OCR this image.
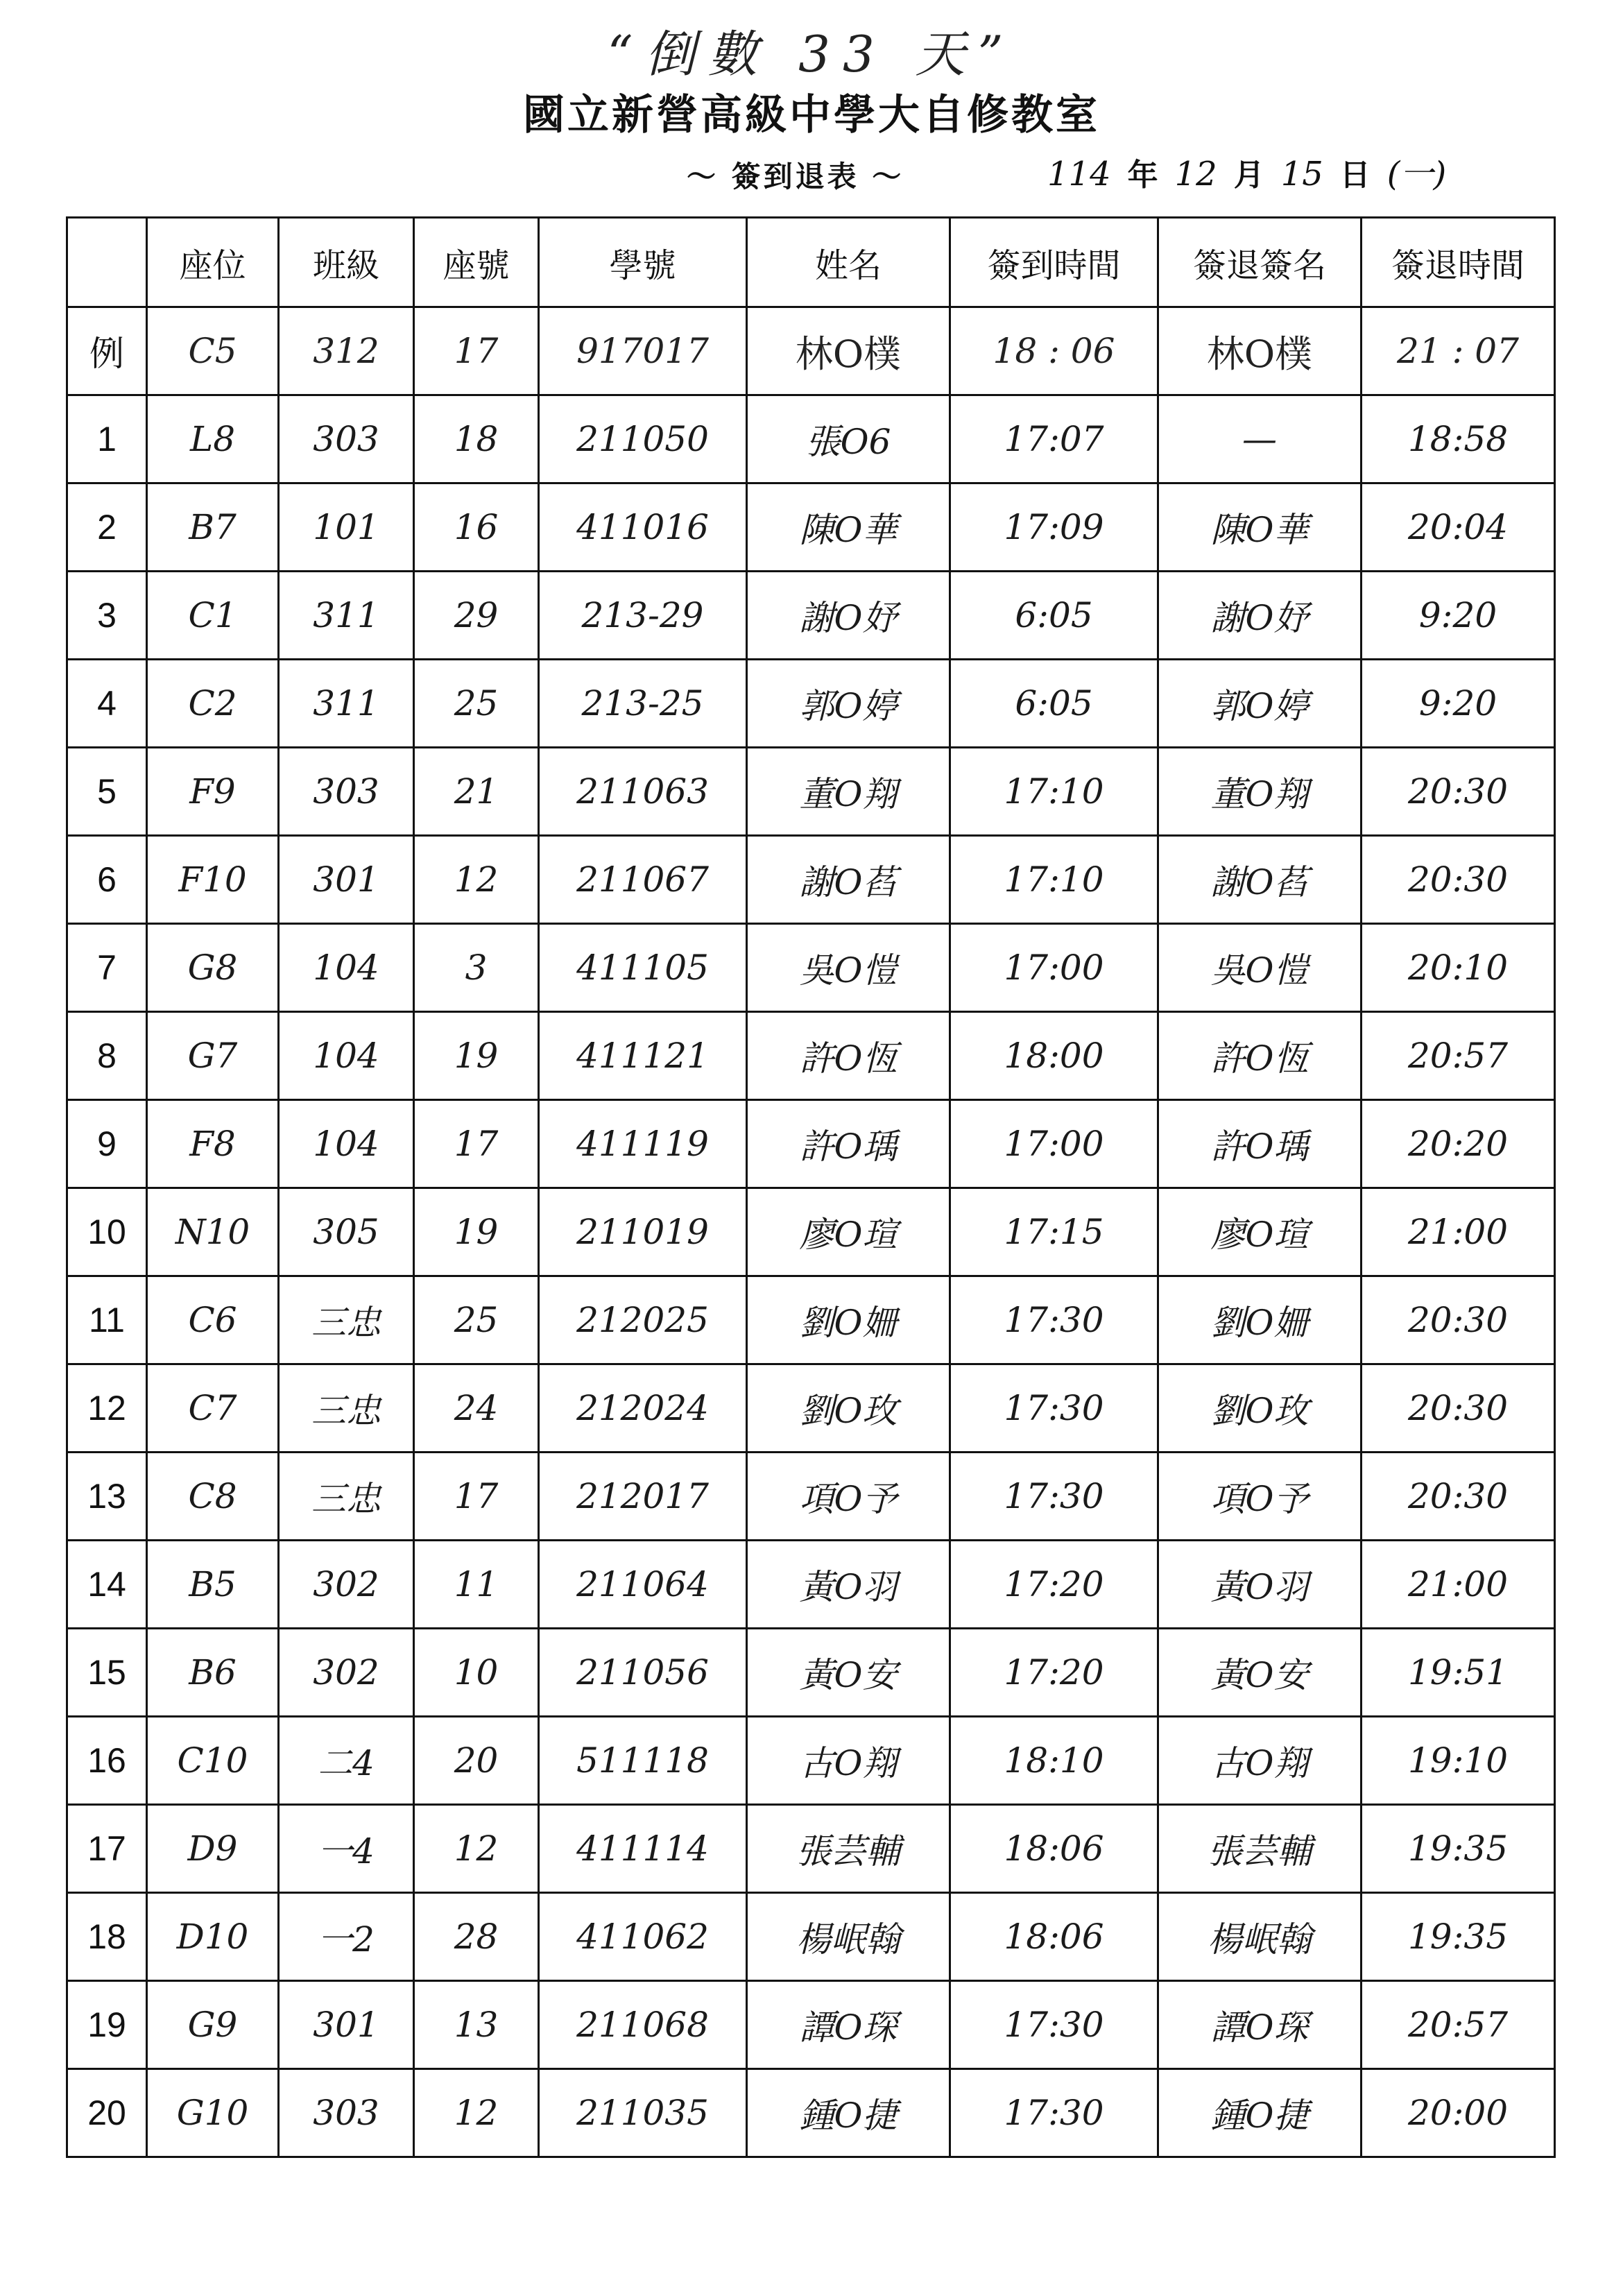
“倒數 33 天”
國立新營高級中學大自修教室
～ 簽到退表 ～	114 年 12 月 15 日 (一)
	座位	班級	座號	學號	姓名	簽到時間	簽退簽名	簽退時間
例	C5	312	17	917017	林O樸	18 : 06	林O樸	21 : 07
1	L8	303	18	211050	張O6	17:07	—	18:58
2	B7	101	16	411016	陳O華	17:09	陳O華	20:04
3	C1	311	29	213-29	謝O妤	6:05	謝O妤	9:20
4	C2	311	25	213-25	郭O婷	6:05	郭O婷	9:20
5	F9	303	21	211063	董O翔	17:10	董O翔	20:30
6	F10	301	12	211067	謝O萏	17:10	謝O萏	20:30
7	G8	104	3	411105	吳O愷	17:00	吳O愷	20:10
8	G7	104	19	411121	許O恆	18:00	許O恆	20:57
9	F8	104	17	411119	許O瑀	17:00	許O瑀	20:20
10	N10	305	19	211019	廖O瑄	17:15	廖O瑄	21:00
11	C6	三忠	25	212025	劉O姍	17:30	劉O姍	20:30
12	C7	三忠	24	212024	劉O玫	17:30	劉O玫	20:30
13	C8	三忠	17	212017	項O予	17:30	項O予	20:30
14	B5	302	11	211064	黃O羽	17:20	黃O羽	21:00
15	B6	302	10	211056	黃O安	17:20	黃O安	19:51
16	C10	二4	20	511118	古O翔	18:10	古O翔	19:10
17	D9	一4	12	411114	張芸輔	18:06	張芸輔	19:35
18	D10	一2	28	411062	楊岷翰	18:06	楊岷翰	19:35
19	G9	301	13	211068	譚O琛	17:30	譚O琛	20:57
20	G10	303	12	211035	鍾O捷	17:30	鍾O捷	20:00
